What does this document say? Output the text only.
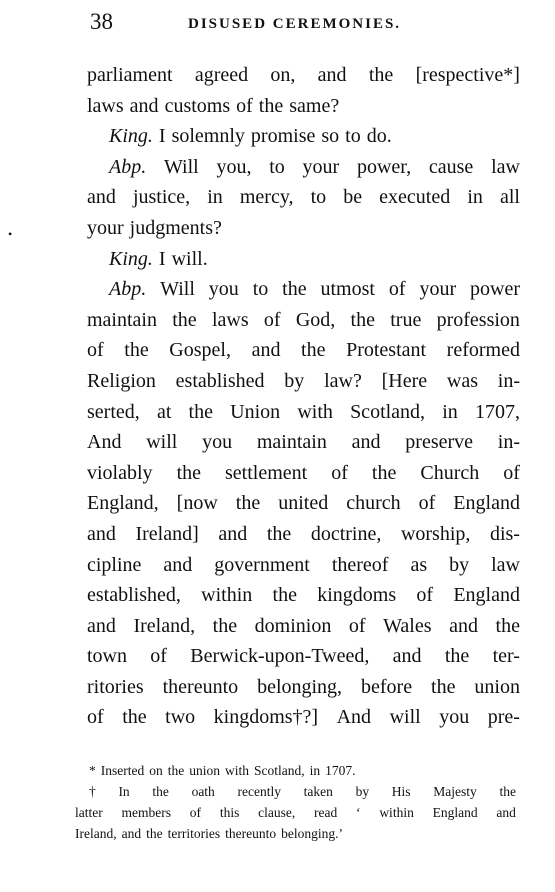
38	DISUSED CEREMONIES.
•
parliament agreed on, and the [respective*]
laws and customs of the same?
King. I solemnly promise so to do.
Abp. Will you, to your power, cause law
and justice, in mercy, to be executed in all
your judgments?
King. I will.
Abp. Will you to the utmost of your power
maintain the laws of God, the true profession
of the Gospel, and the Protestant reformed
Religion established by law? [Here was in-
serted, at the Union with Scotland, in 1707,
And will you maintain and preserve in-
violably the settlement of the Church of
England, [now the united church of England
and Ireland] and the doctrine, worship, dis-
cipline and government thereof as by law
established, within the kingdoms of England
and Ireland, the dominion of Wales and the
town of Berwick-upon-Tweed, and the ter-
ritories thereunto belonging, before the union
of the two kingdoms†?] And will you pre-
* Inserted on the union with Scotland, in 1707.
† In the oath recently taken by His Majesty the
latter members of this clause, read ‘ within England and
Ireland, and the territories thereunto belonging.’
